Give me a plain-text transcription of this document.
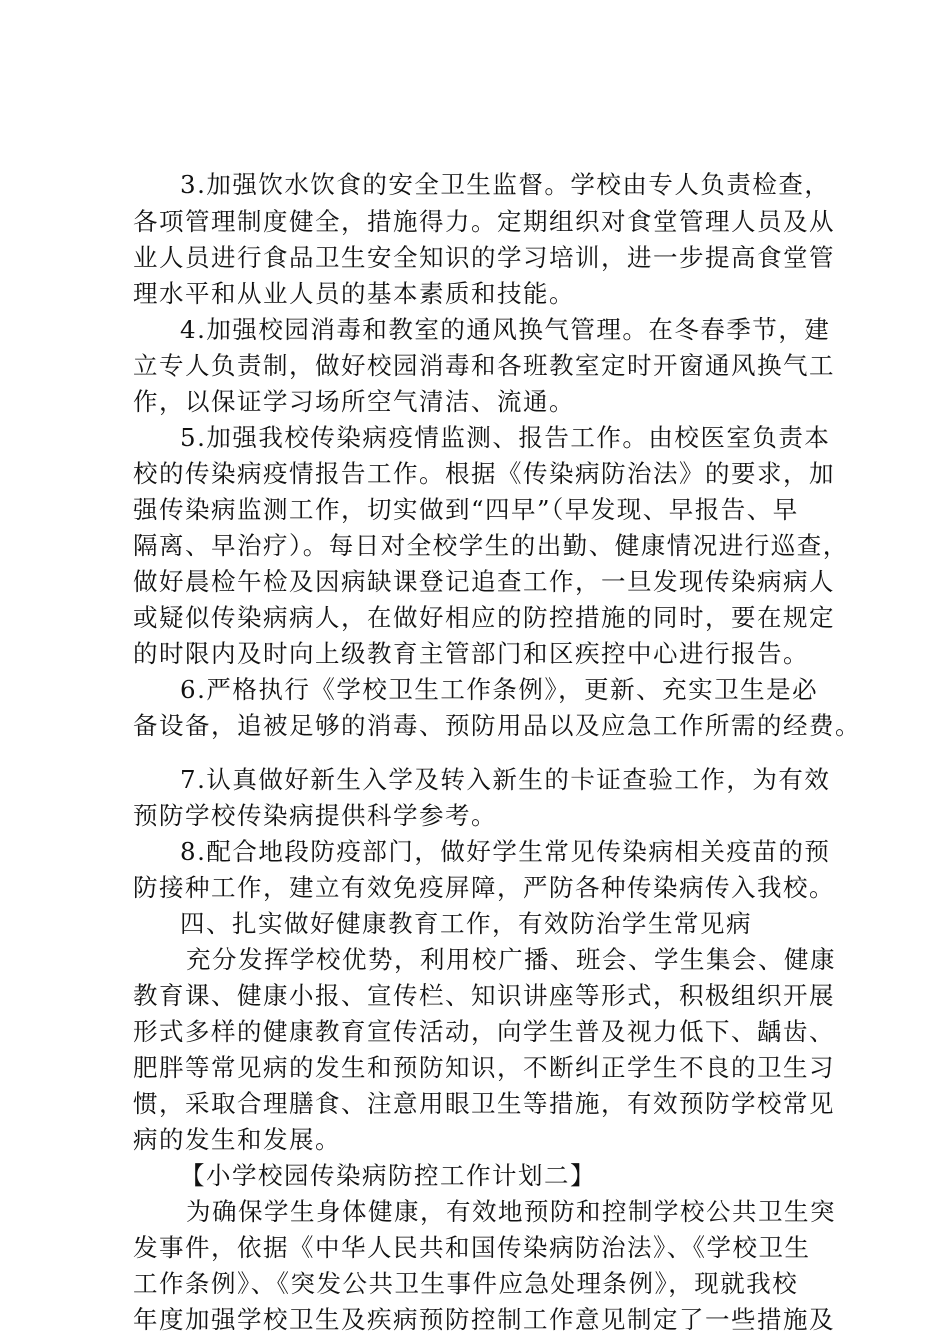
3.加强饮水饮食的安全卫生监督。学校由专人负责检查，
各项管理制度健全，措施得力。定期组织对食堂管理人员及从
业人员进行食品卫生安全知识的学习培训，进一步提高食堂管
理水平和从业人员的基本素质和技能。
4.加强校园消毒和教室的通风换气管理。在冬春季节，建
立专人负责制，做好校园消毒和各班教室定时开窗通风换气工
作，以保证学习场所空气清洁、流通。
5.加强我校传染病疫情监测、报告工作。由校医室负责本
校的传染病疫情报告工作。根据《传染病防治法》的要求，加
强传染病监测工作，切实做到“四早”（早发现、早报告、早
隔离、早治疗）。每日对全校学生的出勤、健康情况进行巡查，
做好晨检午检及因病缺课登记追查工作，一旦发现传染病病人
或疑似传染病病人，在做好相应的防控措施的同时，要在规定
的时限内及时向上级教育主管部门和区疾控中心进行报告。
6.严格执行《学校卫生工作条例》，更新、充实卫生是必
备设备，追被足够的消毒、预防用品以及应急工作所需的经费。
7.认真做好新生入学及转入新生的卡证查验工作，为有效
预防学校传染病提供科学参考。
8.配合地段防疫部门，做好学生常见传染病相关疫苗的预
防接种工作，建立有效免疫屏障，严防各种传染病传入我校。
四、扎实做好健康教育工作，有效防治学生常见病
充分发挥学校优势，利用校广播、班会、学生集会、健康
教育课、健康小报、宣传栏、知识讲座等形式，积极组织开展
形式多样的健康教育宣传活动，向学生普及视力低下、龋齿、
肥胖等常见病的发生和预防知识，不断纠正学生不良的卫生习
惯，采取合理膳食、注意用眼卫生等措施，有效预防学校常见
病的发生和发展。
【小学校园传染病防控工作计划二】
为确保学生身体健康，有效地预防和控制学校公共卫生突
发事件，依据《中华人民共和国传染病防治法》、《学校卫生
工作条例》、《突发公共卫生事件应急处理条例》，现就我校
年度加强学校卫生及疾病预防控制工作意见制定了一些措施及
